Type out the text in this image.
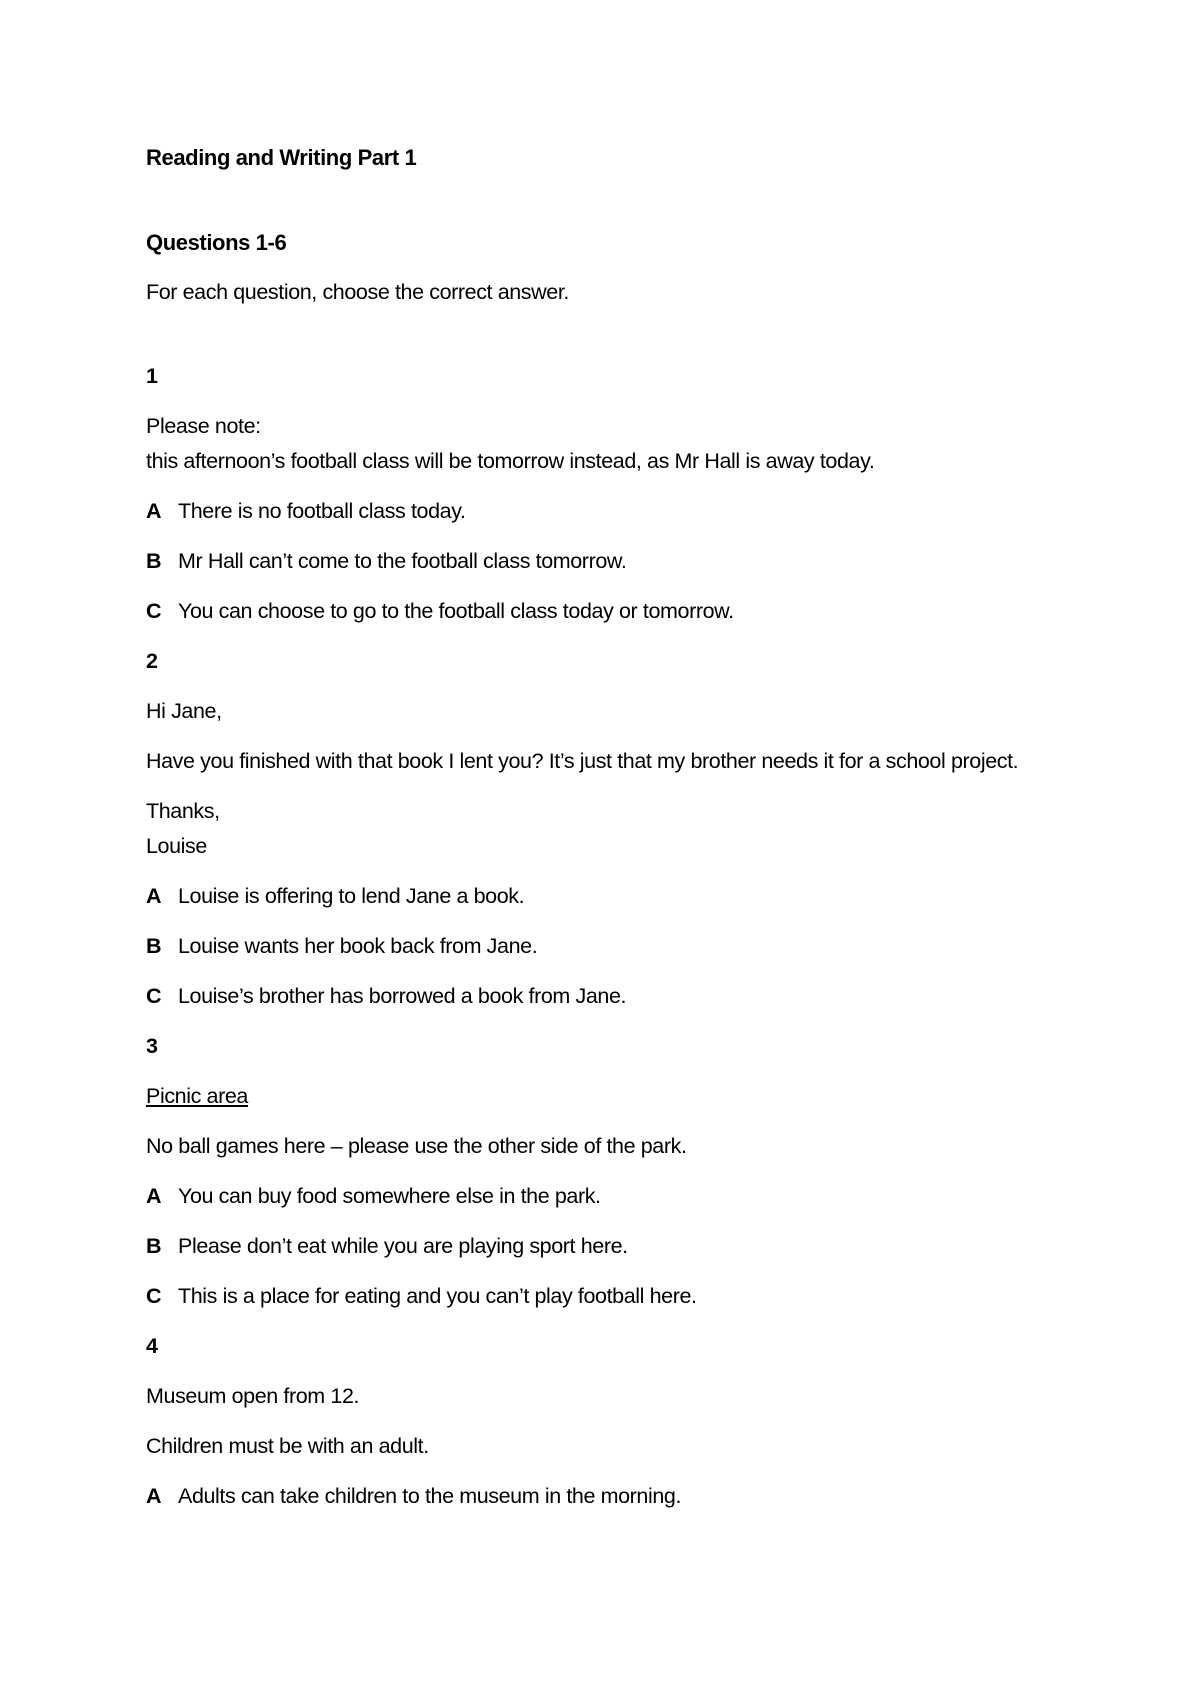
Reading and Writing Part 1

Questions 1-6

For each question, choose the correct answer.

1

Please note:
this afternoon’s football class will be tomorrow instead, as Mr Hall is away today.

A There is no football class today.

B Mr Hall can’t come to the football class tomorrow.

C You can choose to go to the football class today or tomorrow.

2

Hi Jane,

Have you finished with that book I lent you? It’s just that my brother needs it for a school project.

Thanks,
Louise

A Louise is offering to lend Jane a book.

B Louise wants her book back from Jane.

C Louise’s brother has borrowed a book from Jane.

3

Picnic area

No ball games here – please use the other side of the park.

A You can buy food somewhere else in the park.

B Please don’t eat while you are playing sport here.

C This is a place for eating and you can’t play football here.

4

Museum open from 12.

Children must be with an adult.

A Adults can take children to the museum in the morning.
